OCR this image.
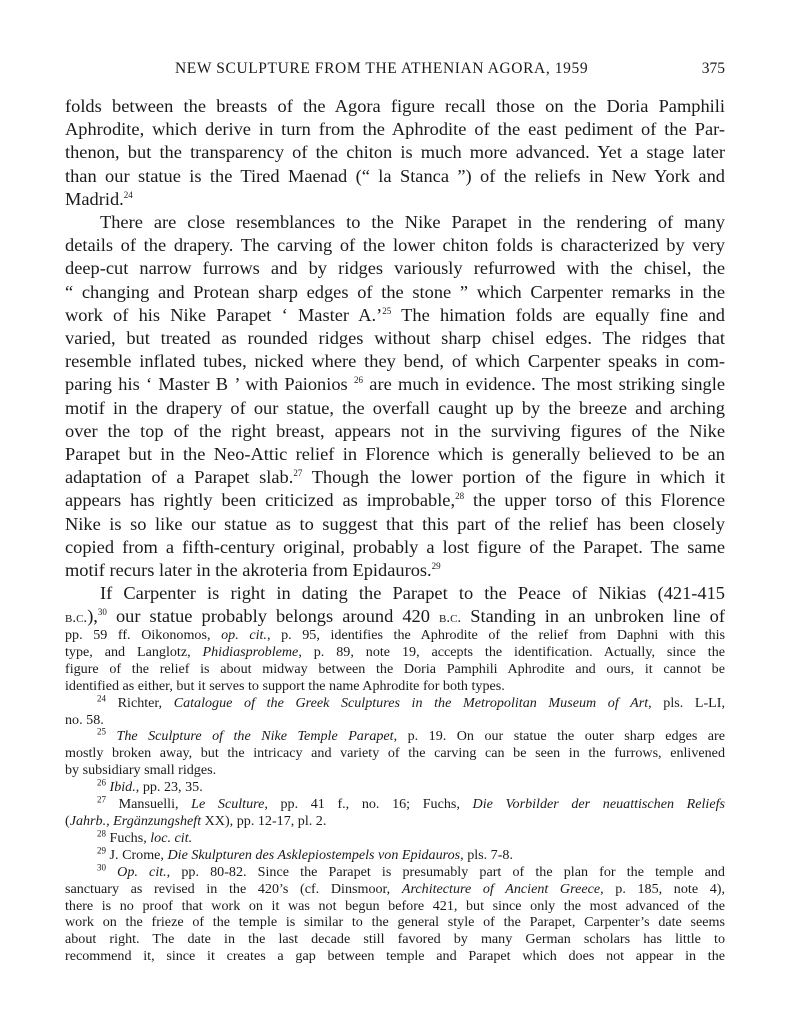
NEW SCULPTURE FROM THE ATHENIAN AGORA, 1959	375

folds between the breasts of the Agora figure recall those on the Doria Pamphili
Aphrodite, which derive in turn from the Aphrodite of the east pediment of the Par-
thenon, but the transparency of the chiton is much more advanced. Yet a stage later
than our statue is the Tired Maenad (“ la Stanca ”) of the reliefs in New York and
Madrid.$^{24}$

There are close resemblances to the Nike Parapet in the rendering of many
details of the drapery. The carving of the lower chiton folds is characterized by very
deep-cut narrow furrows and by ridges variously refurrowed with the chisel, the
“ changing and Protean sharp edges of the stone ” which Carpenter remarks in the
work of his Nike Parapet ‘ Master A.’$^{25}$ The himation folds are equally fine and
varied, but treated as rounded ridges without sharp chisel edges. The ridges that
resemble inflated tubes, nicked where they bend, of which Carpenter speaks in com-
paring his ‘ Master B ’ with Paionios $^{26}$ are much in evidence. The most striking single
motif in the drapery of our statue, the overfall caught up by the breeze and arching
over the top of the right breast, appears not in the surviving figures of the Nike
Parapet but in the Neo-Attic relief in Florence which is generally believed to be an
adaptation of a Parapet slab.$^{27}$ Though the lower portion of the figure in which it
appears has rightly been criticized as improbable,$^{28}$ the upper torso of this Florence
Nike is so like our statue as to suggest that this part of the relief has been closely
copied from a fifth-century original, probably a lost figure of the Parapet. The same
motif recurs later in the akroteria from Epidauros.$^{29}$

If Carpenter is right in dating the Parapet to the Peace of Nikias (421-415
b.c.),$^{30}$ our statue probably belongs around 420 b.c. Standing in an unbroken line of

pp. 59 ff. Oikonomos, op. cit., p. 95, identifies the Aphrodite of the relief from Daphni with this
type, and Langlotz, Phidiasprobleme, p. 89, note 19, accepts the identification. Actually, since the
figure of the relief is about midway between the Doria Pamphili Aphrodite and ours, it cannot be
identified as either, but it serves to support the name Aphrodite for both types.
$^{24}$ Richter, Catalogue of the Greek Sculptures in the Metropolitan Museum of Art, pls. L-LI,
no. 58.
$^{25}$ The Sculpture of the Nike Temple Parapet, p. 19. On our statue the outer sharp edges are
mostly broken away, but the intricacy and variety of the carving can be seen in the furrows, enlivened
by subsidiary small ridges.
$^{26}$ Ibid., pp. 23, 35.
$^{27}$ Mansuelli, Le Sculture, pp. 41 f., no. 16; Fuchs, Die Vorbilder der neuattischen Reliefs
(Jahrb., Ergänzungsheft XX), pp. 12-17, pl. 2.
$^{28}$ Fuchs, loc. cit.
$^{29}$ J. Crome, Die Skulpturen des Asklepiostempels von Epidauros, pls. 7-8.
$^{30}$ Op. cit., pp. 80-82. Since the Parapet is presumably part of the plan for the temple and
sanctuary as revised in the 420’s (cf. Dinsmoor, Architecture of Ancient Greece, p. 185, note 4),
there is no proof that work on it was not begun before 421, but since only the most advanced of the
work on the frieze of the temple is similar to the general style of the Parapet, Carpenter’s date seems
about right. The date in the last decade still favored by many German scholars has little to
recommend it, since it creates a gap between temple and Parapet which does not appear in the
